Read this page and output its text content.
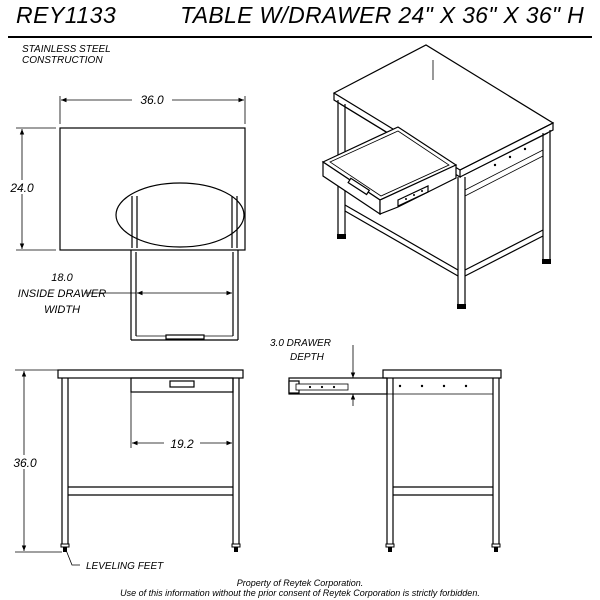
REY1133	TABLE W/DRAWER 24" X 36" X 36" H
STAINLESS STEEL
CONSTRUCTION
36.0
24.0
18.0
INSIDE DRAWER
WIDTH
36.0
19.2
LEVELING FEET
3.0 DRAWER
DEPTH
Property of Reytek Corporation.
Use of this information without the prior consent of Reytek Corporation is strictly forbidden.
